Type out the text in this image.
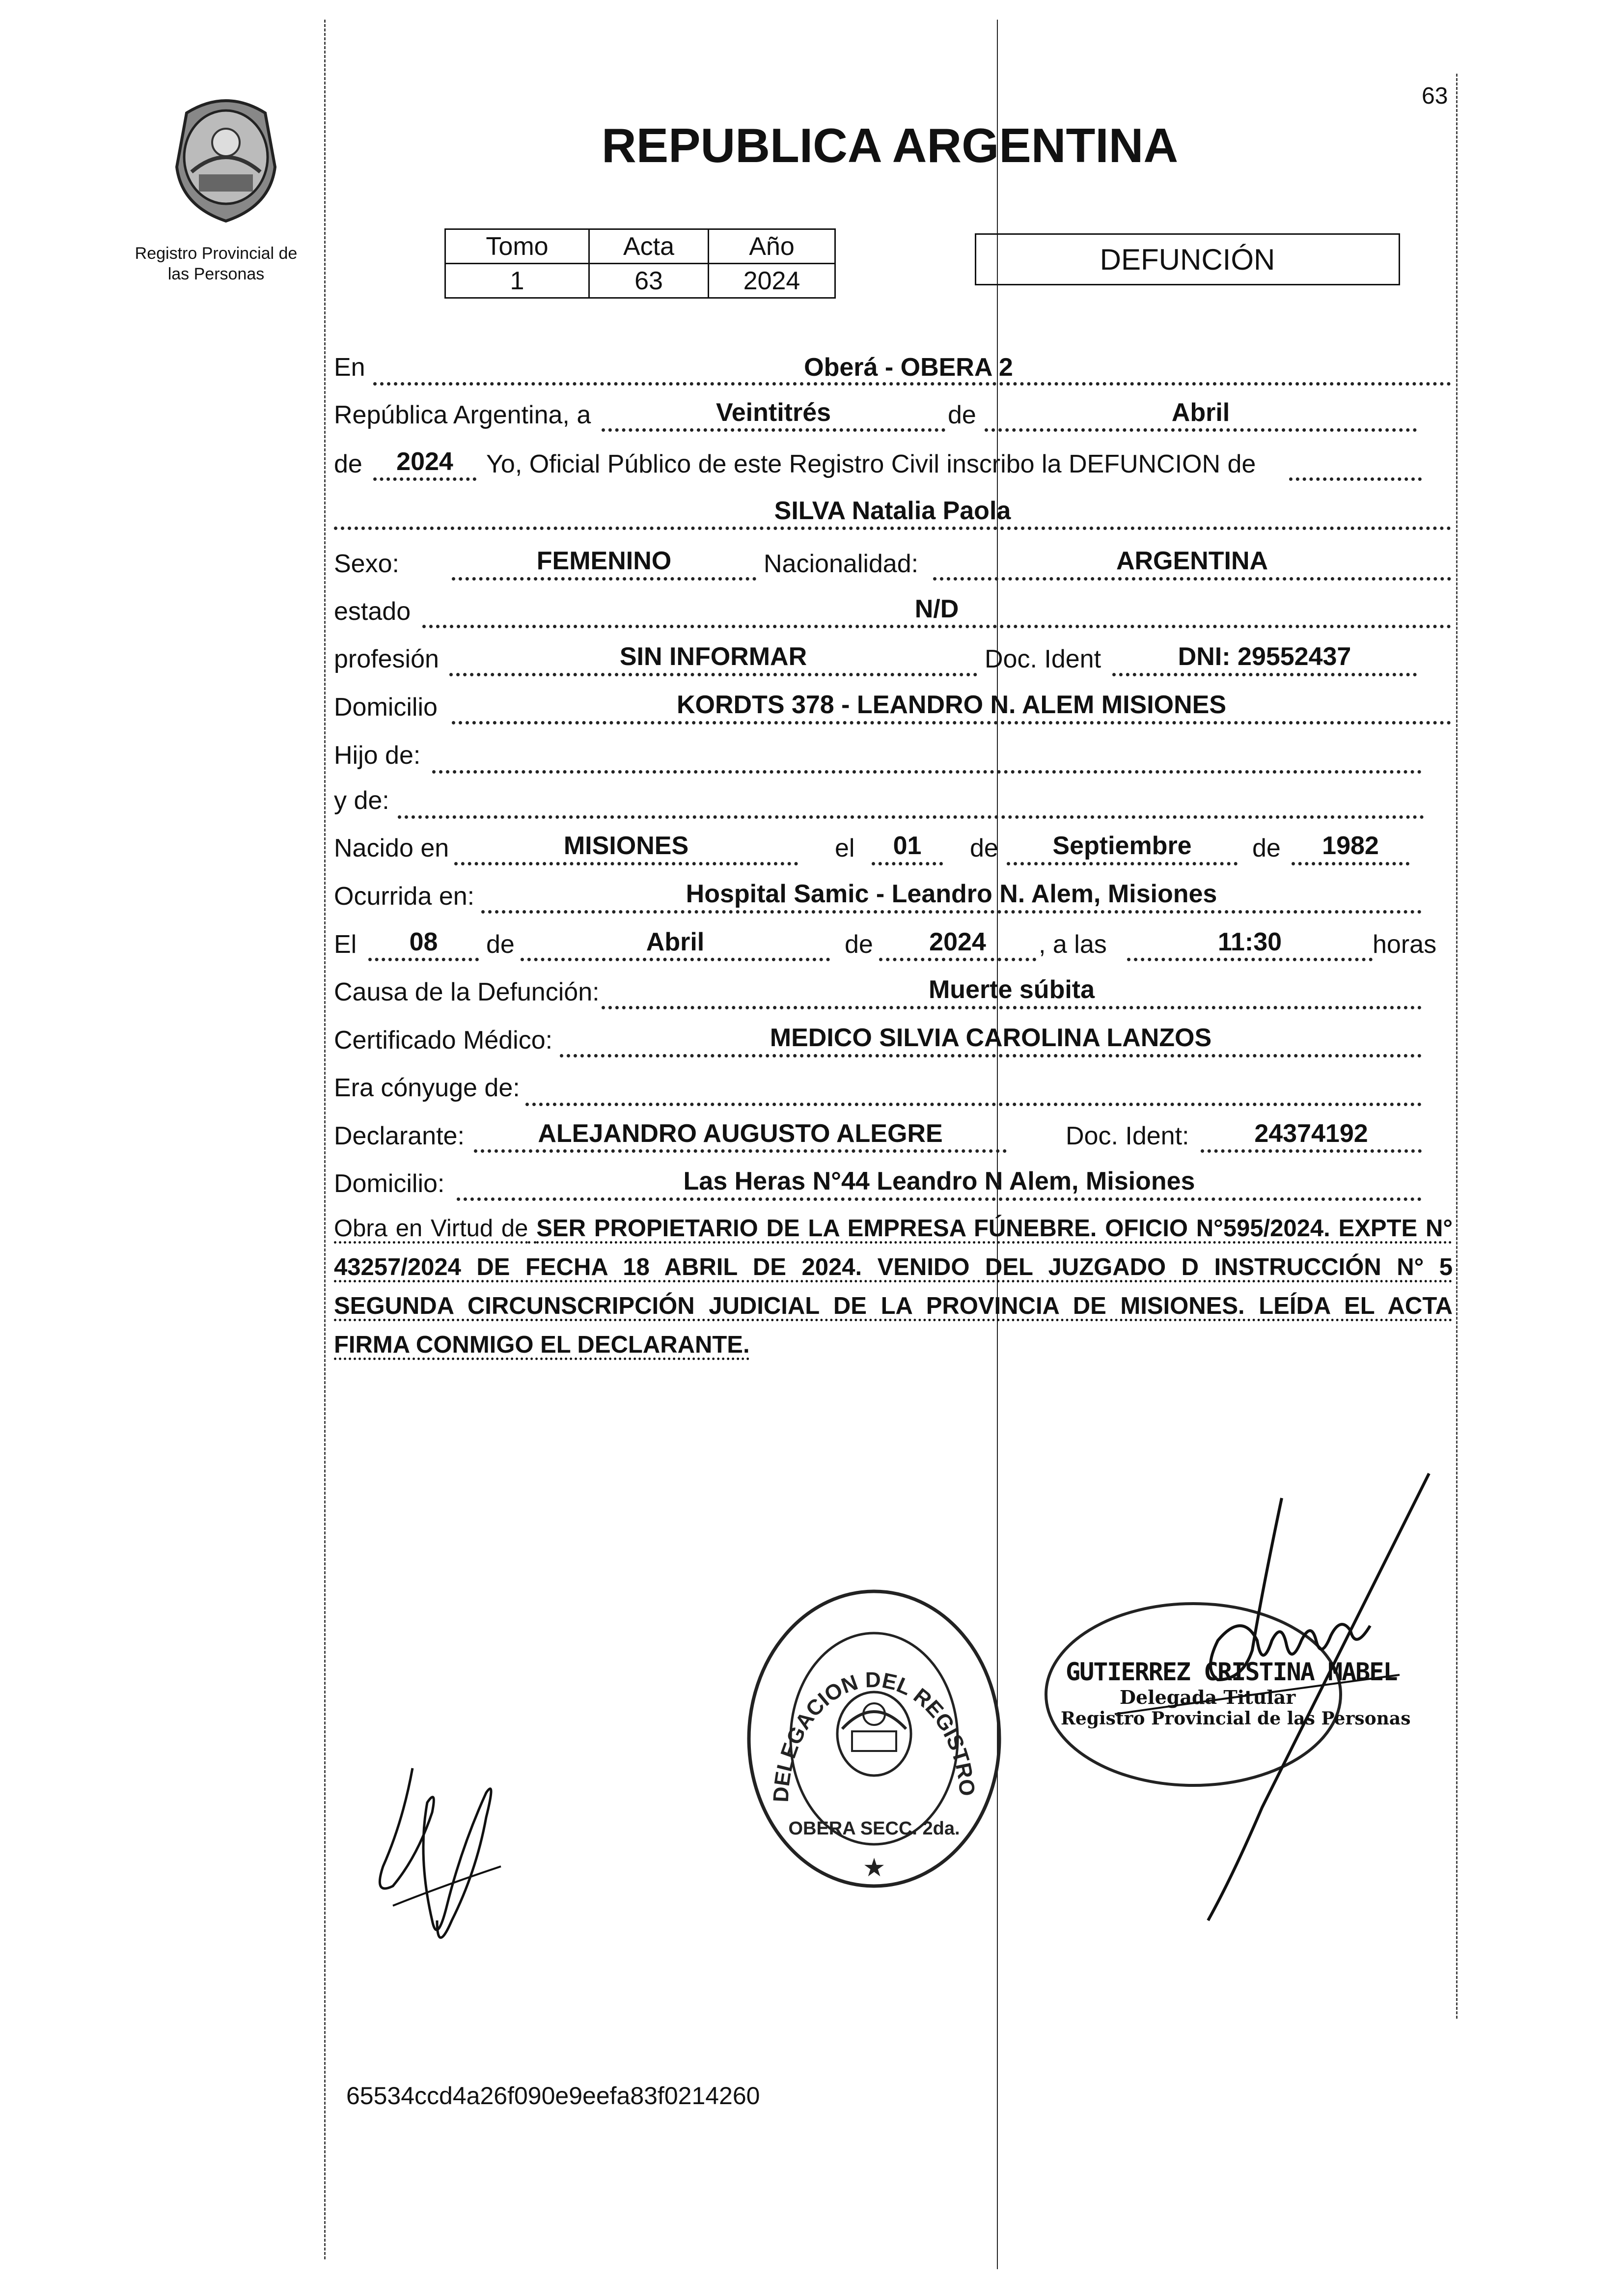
63
Registro Provincial de
las Personas
REPUBLICA ARGENTINA
Tomo	Acta	Año
1	63	2024
DEFUNCIÓN
En	Oberá - OBERA 2
República Argentina, a	Veintitrés	de	Abril
de	2024	Yo, Oficial Público de este Registro Civil inscribo la DEFUNCION de
SILVA Natalia Paola
Sexo:	FEMENINO	Nacionalidad:	ARGENTINA
estado	N/D
profesión	SIN INFORMAR	Doc. Ident	DNI: 29552437
Domicilio	KORDTS 378 - LEANDRO N. ALEM MISIONES
Hijo de:
y de:
Nacido en	MISIONES	el	01	de	Septiembre	de	1982
Ocurrida en:	Hospital Samic - Leandro N. Alem, Misiones
El	08	de	Abril	de	2024	, a las	11:30	horas
Causa de la Defunción:	Muerte súbita
Certificado Médico:	MEDICO SILVIA CAROLINA LANZOS
Era cónyuge de:
Declarante:	ALEJANDRO AUGUSTO ALEGRE	Doc. Ident:	24374192
Domicilio:	Las Heras N°44 Leandro N Alem, Misiones
Obra en Virtud de SER PROPIETARIO DE LA EMPRESA FÚNEBRE. OFICIO N°595/2024. EXPTE N° 43257/2024 DE FECHA 18 ABRIL DE 2024. VENIDO DEL JUZGADO D INSTRUCCIÓN N° 5 SEGUNDA CIRCUNSCRIPCIÓN JUDICIAL DE LA PROVINCIA DE MISIONES. LEÍDA EL ACTA FIRMA CONMIGO EL DECLARANTE.
DELEGACION DEL REGISTRO
OBERA SECC. 2da.
★
GUTIERREZ CRISTINA MABEL
Delegada Titular
Registro Provincial de las Personas
65534ccd4a26f090e9eefa83f0214260
